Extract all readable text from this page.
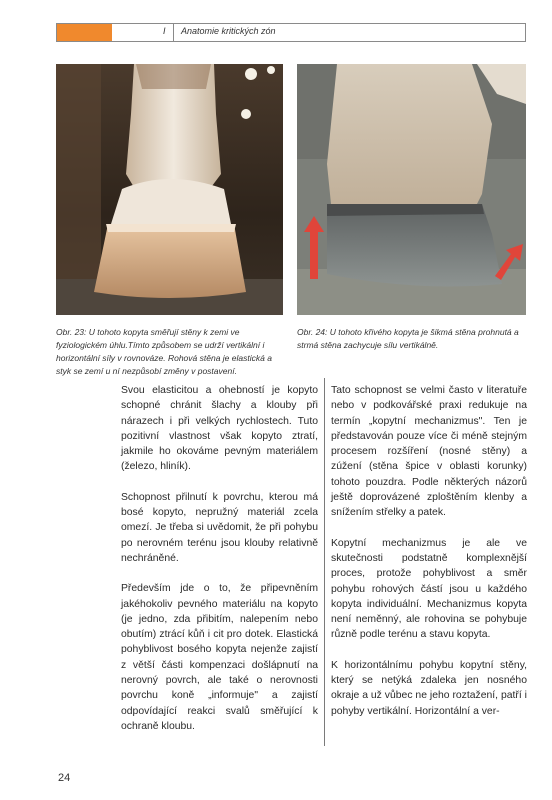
I Anatomie kritických zón
Obr. 23: U tohoto kopyta směřují stěny k zemi ve fyziologickém úhlu.Tímto způsobem se udrží vertikální i horizontální síly v rovnováze. Rohová stěna je elastická a styk se zemí u ní nezpůsobí změny v postavení.
Obr. 24: U tohoto křivého kopyta je šikmá stěna prohnutá a strmá stěna zachycuje sílu vertikálně.

Svou elasticitou a ohebností je kopyto schopné chránit šlachy a klouby při nárazech i při velkých rychlostech. Tuto pozitivní vlastnost však kopyto ztratí, jakmile ho okováme pevným materiálem (železo, hliník).

Schopnost přilnutí k povrchu, kterou má bosé kopyto, nepružný materiál zcela omezí. Je třeba si uvědomit, že při pohybu po nerovném terénu jsou klouby relativně nechráněné.

Především jde o to, že připevněním jakéhokoliv pevného materiálu na kopyto (je jedno, zda přibitím, nalepením nebo obutím) ztrácí kůň i cit pro dotek. Elastická pohyblivost bosého kopyta nejenže zajistí z větší části kompenzaci došlápnutí na nerovný povrch, ale také o nerovnosti povrchu koně „informuje" a zajistí odpovídající reakci svalů směřující k ochraně kloubu.

Tato schopnost se velmi často v literatuře nebo v podkovářské praxi redukuje na termín „kopytní mechanizmus". Ten je představován pouze více či méně stejným procesem rozšíření (nosné stěny) a zúžení (stěna špice v oblasti korunky) tohoto pouzdra. Podle některých názorů ještě doprovázené zploštěním klenby a snížením střelky a patek.

Kopytní mechanizmus je ale ve skutečnosti podstatně komplexnější proces, protože pohyblivost a směr pohybu rohových částí jsou u každého kopyta individuální. Mechanizmus kopyta není neměnný, ale rohovina se pohybuje různě podle terénu a stavu kopyta.

K horizontálnímu pohybu kopytní stěny, který se netýká zdaleka jen nosného okraje a už vůbec ne jeho roztažení, patří i pohyby vertikální. Horizontální a ver-

24
